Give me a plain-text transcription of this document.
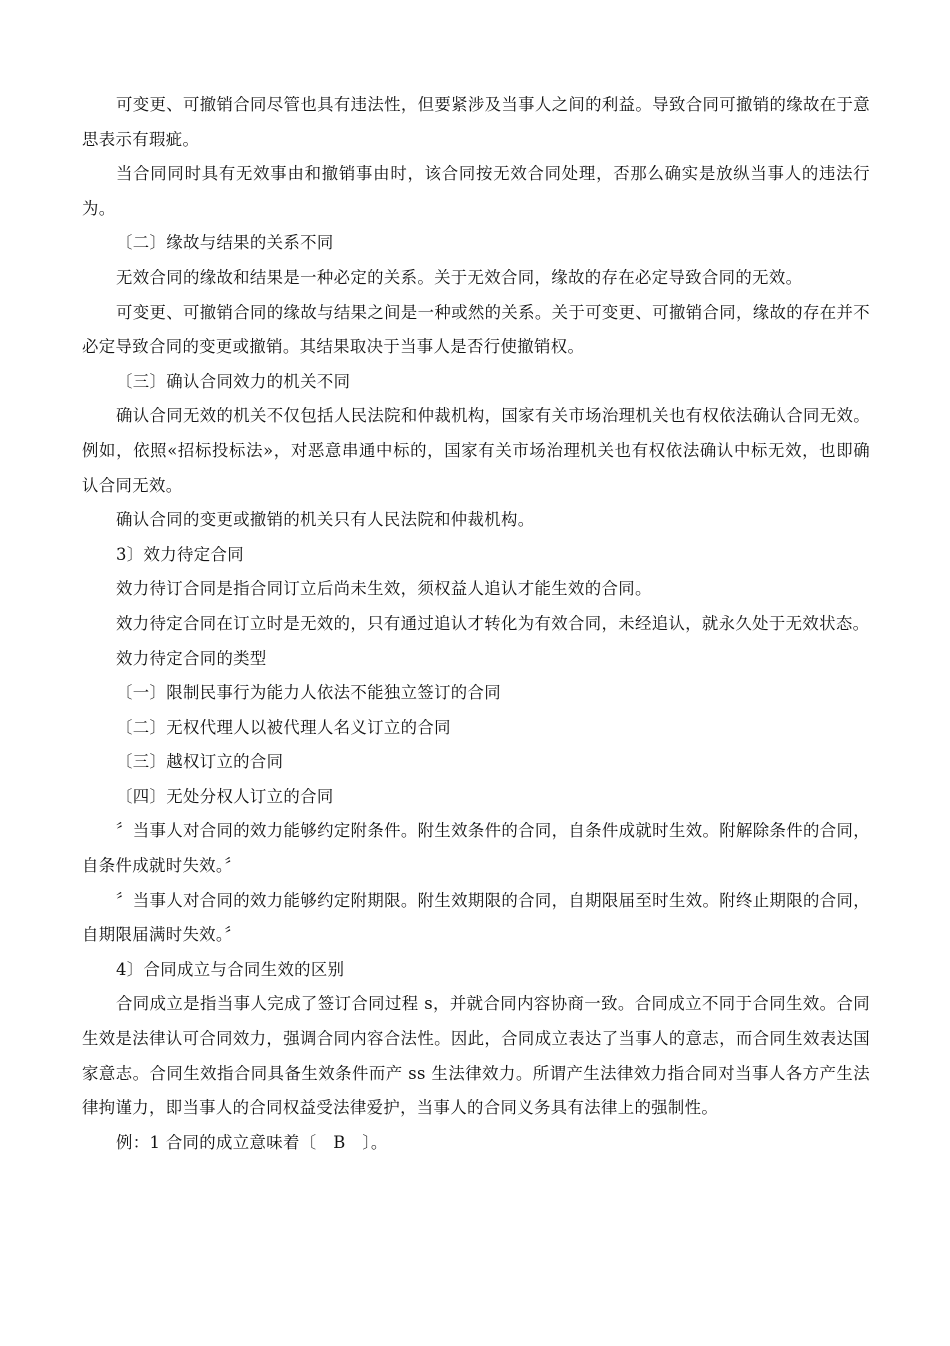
可变更、可撤销合同尽管也具有违法性，但要紧涉及当事人之间的利益。导致合同可撤销的缘故在于意思表示有瑕疵。

当合同同时具有无效事由和撤销事由时，该合同按无效合同处理，否那么确实是放纵当事人的违法行为。

〔二〕缘故与结果的关系不同

无效合同的缘故和结果是一种必定的关系。关于无效合同，缘故的存在必定导致合同的无效。

可变更、可撤销合同的缘故与结果之间是一种或然的关系。关于可变更、可撤销合同，缘故的存在并不必定导致合同的变更或撤销。其结果取决于当事人是否行使撤销权。

〔三〕确认合同效力的机关不同

确认合同无效的机关不仅包括人民法院和仲裁机构，国家有关市场治理机关也有权依法确认合同无效。例如，依照«招标投标法»，对恶意串通中标的，国家有关市场治理机关也有权依法确认中标无效，也即确认合同无效。

确认合同的变更或撤销的机关只有人民法院和仲裁机构。

3〕效力待定合同

效力待订合同是指合同订立后尚未生效，须权益人追认才能生效的合同。

效力待定合同在订立时是无效的，只有通过追认才转化为有效合同，未经追认，就永久处于无效状态。

效力待定合同的类型

〔一〕限制民事行为能力人依法不能独立签订的合同

〔二〕无权代理人以被代理人名义订立的合同

〔三〕越权订立的合同

〔四〕无处分权人订立的合同

〞当事人对合同的效力能够约定附条件。附生效条件的合同，自条件成就时生效。附解除条件的合同，自条件成就时失效。〞

〞当事人对合同的效力能够约定附期限。附生效期限的合同，自期限届至时生效。附终止期限的合同，自期限届满时失效。〞

4〕合同成立与合同生效的区别

合同成立是指当事人完成了签订合同过程 s，并就合同内容协商一致。合同成立不同于合同生效。合同生效是法律认可合同效力，强调合同内容合法性。因此，合同成立表达了当事人的意志，而合同生效表达国家意志。合同生效指合同具备生效条件而产 ss 生法律效力。所谓产生法律效力指合同对当事人各方产生法律拘谨力，即当事人的合同权益受法律爱护，当事人的合同义务具有法律上的强制性。

例：1 合同的成立意味着〔　B　〕。
